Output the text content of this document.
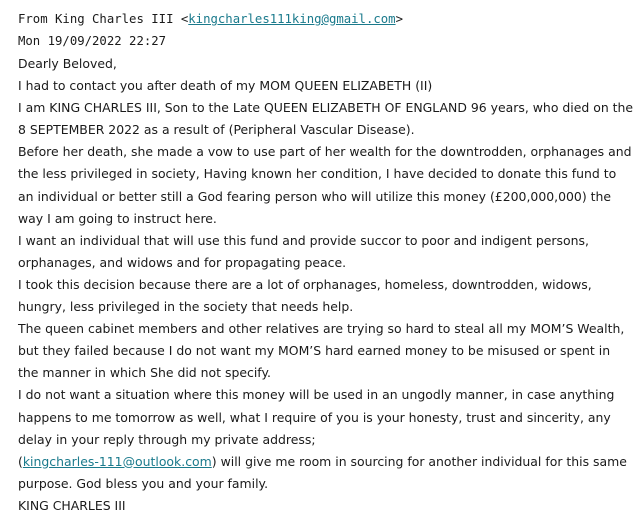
From King Charles III <kingcharles111king@gmail.com>
Mon 19/09/2022 22:27

Dearly Beloved,

I had to contact you after death of my MOM QUEEN ELIZABETH (II)

I am KING CHARLES III, Son to the Late QUEEN ELIZABETH OF ENGLAND 96 years, who died on the 8 SEPTEMBER 2022 as a result of (Peripheral Vascular Disease).

Before her death, she made a vow to use part of her wealth for the downtrodden, orphanages and the less privileged in society, Having known her condition, I have decided to donate this fund to an individual or better still a God fearing person who will utilize this money (£200,000,000) the way I am going to instruct here.

I want an individual that will use this fund and provide succor to poor and indigent persons, orphanages, and widows and for propagating peace.

I took this decision because there are a lot of orphanages, homeless, downtrodden, widows, hungry, less privileged in the society that needs help.

The queen cabinet members and other relatives are trying so hard to steal all my MOM’S Wealth, but they failed because I do not want my MOM’S hard earned money to be misused or spent in the manner in which She did not specify.

I do not want a situation where this money will be used in an ungodly manner, in case anything happens to me tomorrow as well, what I require of you is your honesty, trust and sincerity, any delay in your reply through my private address;

(kingcharles-111@outlook.com) will give me room in sourcing for another individual for this same purpose. God bless you and your family.

KING CHARLES III
